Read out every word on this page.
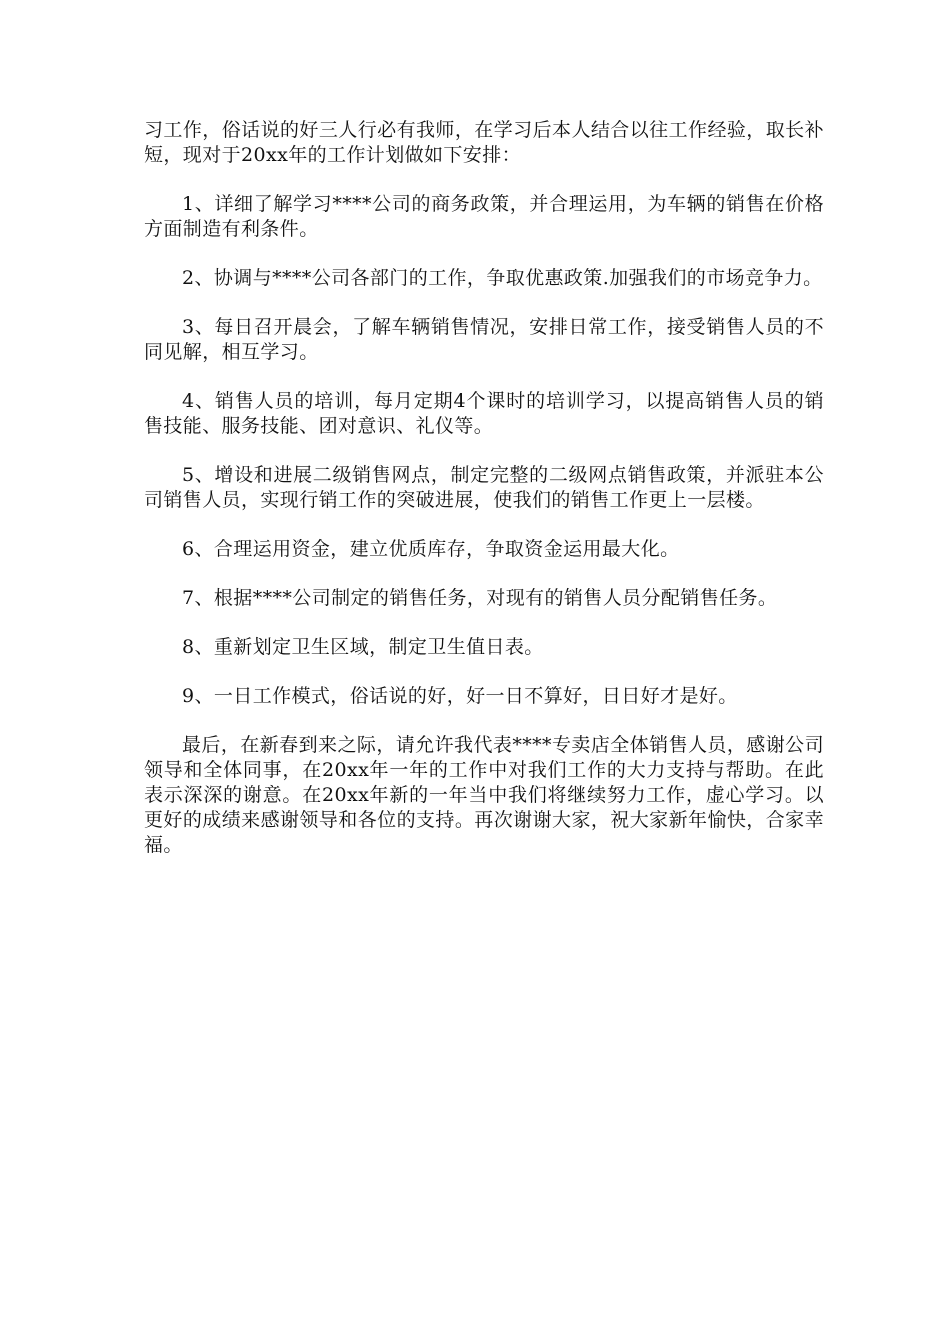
习工作，俗话说的好三人行必有我师，在学习后本人结合以往工作经验，取长补短，现对于20xx年的工作计划做如下安排：

1、详细了解学习****公司的商务政策，并合理运用，为车辆的销售在价格方面制造有利条件。

2、协调与****公司各部门的工作，争取优惠政策.加强我们的市场竞争力。

3、每日召开晨会，了解车辆销售情况，安排日常工作，接受销售人员的不同见解，相互学习。

4、销售人员的培训，每月定期4个课时的培训学习，以提高销售人员的销售技能、服务技能、团对意识、礼仪等。

5、增设和进展二级销售网点，制定完整的二级网点销售政策，并派驻本公司销售人员，实现行销工作的突破进展，使我们的销售工作更上一层楼。

6、合理运用资金，建立优质库存，争取资金运用最大化。

7、根据****公司制定的销售任务，对现有的销售人员分配销售任务。

8、重新划定卫生区域，制定卫生值日表。

9、一日工作模式，俗话说的好，好一日不算好，日日好才是好。

最后，在新春到来之际，请允许我代表****专卖店全体销售人员，感谢公司领导和全体同事，在20xx年一年的工作中对我们工作的大力支持与帮助。在此表示深深的谢意。在20xx年新的一年当中我们将继续努力工作，虚心学习。以更好的成绩来感谢领导和各位的支持。再次谢谢大家，祝大家新年愉快，合家幸福。
